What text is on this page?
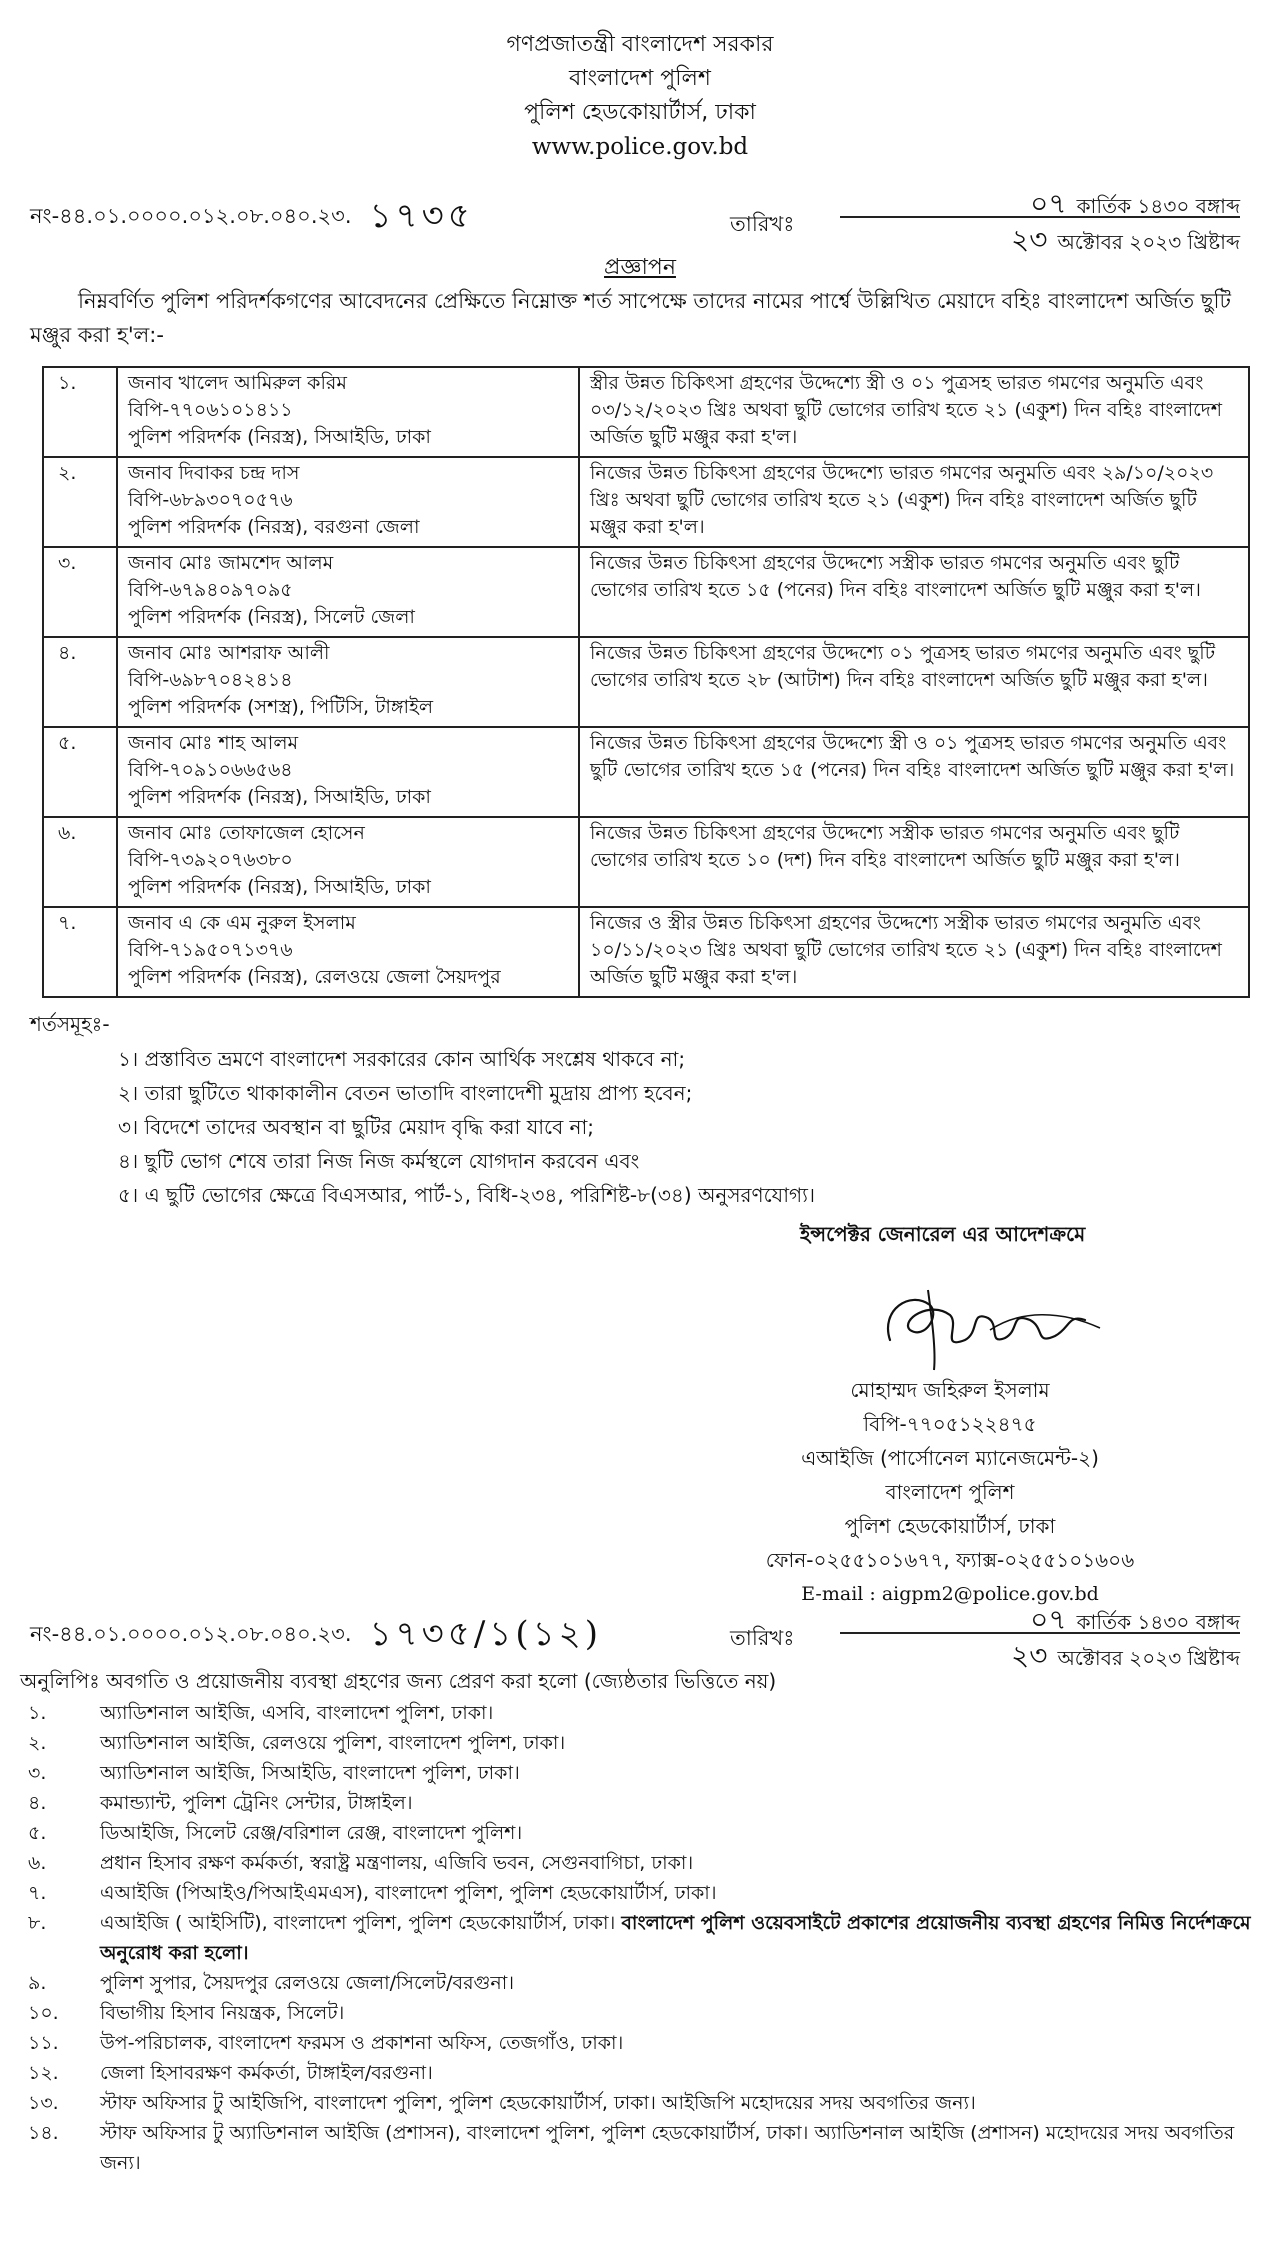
গণপ্রজাতন্ত্রী বাংলাদেশ সরকার
বাংলাদেশ পুলিশ
পুলিশ হেডকোয়ার্টার্স, ঢাকা
www.police.gov.bd
নং-৪৪.০১.০০০০.০১২.০৮.০৪০.২৩. ১৭৩৫	তারিখঃ
০৭ কার্তিক ১৪৩০ বঙ্গাব্দ
২৩ অক্টোবর ২০২৩ খ্রিষ্টাব্দ
প্রজ্ঞাপন
নিম্নবর্ণিত পুলিশ পরিদর্শকগণের আবেদনের প্রেক্ষিতে নিম্নোক্ত শর্ত সাপেক্ষে তাদের নামের পার্শ্বে উল্লিখিত মেয়াদে বহিঃ বাংলাদেশ অর্জিত ছুটি মঞ্জুর করা হ'ল:-
১.	জনাব খালেদ আমিরুল করিম
বিপি-৭৭০৬১০১৪১১
পুলিশ পরিদর্শক (নিরস্ত্র), সিআইডি, ঢাকা	স্ত্রীর উন্নত চিকিৎসা গ্রহণের উদ্দেশ্যে স্ত্রী ও ০১ পুত্রসহ ভারত গমণের অনুমতি এবং ০৩/১২/২০২৩ খ্রিঃ অথবা ছুটি ভোগের তারিখ হতে ২১ (একুশ) দিন বহিঃ বাংলাদেশ অর্জিত ছুটি মঞ্জুর করা হ'ল।
২.	জনাব দিবাকর চন্দ্র দাস
বিপি-৬৮৯৩০৭০৫৭৬
পুলিশ পরিদর্শক (নিরস্ত্র), বরগুনা জেলা	নিজের উন্নত চিকিৎসা গ্রহণের উদ্দেশ্যে ভারত গমণের অনুমতি এবং ২৯/১০/২০২৩ খ্রিঃ অথবা ছুটি ভোগের তারিখ হতে ২১ (একুশ) দিন বহিঃ বাংলাদেশ অর্জিত ছুটি মঞ্জুর করা হ'ল।
৩.	জনাব মোঃ জামশেদ আলম
বিপি-৬৭৯৪০৯৭০৯৫
পুলিশ পরিদর্শক (নিরস্ত্র), সিলেট জেলা	নিজের উন্নত চিকিৎসা গ্রহণের উদ্দেশ্যে সস্ত্রীক ভারত গমণের অনুমতি এবং ছুটি ভোগের তারিখ হতে ১৫ (পনের) দিন বহিঃ বাংলাদেশ অর্জিত ছুটি মঞ্জুর করা হ'ল।
৪.	জনাব মোঃ আশরাফ আলী
বিপি-৬৯৮৭০৪২৪১৪
পুলিশ পরিদর্শক (সশস্ত্র), পিটিসি, টাঙ্গাইল	নিজের উন্নত চিকিৎসা গ্রহণের উদ্দেশ্যে ০১ পুত্রসহ ভারত গমণের অনুমতি এবং ছুটি ভোগের তারিখ হতে ২৮ (আটাশ) দিন বহিঃ বাংলাদেশ অর্জিত ছুটি মঞ্জুর করা হ'ল।
৫.	জনাব মোঃ শাহ আলম
বিপি-৭০৯১০৬৬৫৬৪
পুলিশ পরিদর্শক (নিরস্ত্র), সিআইডি, ঢাকা	নিজের উন্নত চিকিৎসা গ্রহণের উদ্দেশ্যে স্ত্রী ও ০১ পুত্রসহ ভারত গমণের অনুমতি এবং ছুটি ভোগের তারিখ হতে ১৫ (পনের) দিন বহিঃ বাংলাদেশ অর্জিত ছুটি মঞ্জুর করা হ'ল।
৬.	জনাব মোঃ তোফাজেল হোসেন
বিপি-৭৩৯২০৭৬৩৮০
পুলিশ পরিদর্শক (নিরস্ত্র), সিআইডি, ঢাকা	নিজের উন্নত চিকিৎসা গ্রহণের উদ্দেশ্যে সস্ত্রীক ভারত গমণের অনুমতি এবং ছুটি ভোগের তারিখ হতে ১০ (দশ) দিন বহিঃ বাংলাদেশ অর্জিত ছুটি মঞ্জুর করা হ'ল।
৭.	জনাব এ কে এম নুরুল ইসলাম
বিপি-৭১৯৫০৭১৩৭৬
পুলিশ পরিদর্শক (নিরস্ত্র), রেলওয়ে জেলা সৈয়দপুর	নিজের ও স্ত্রীর উন্নত চিকিৎসা গ্রহণের উদ্দেশ্যে সস্ত্রীক ভারত গমণের অনুমতি এবং ১০/১১/২০২৩ খ্রিঃ অথবা ছুটি ভোগের তারিখ হতে ২১ (একুশ) দিন বহিঃ বাংলাদেশ অর্জিত ছুটি মঞ্জুর করা হ'ল।
শর্তসমূহঃ-
১। প্রস্তাবিত ভ্রমণে বাংলাদেশ সরকারের কোন আর্থিক সংশ্লেষ থাকবে না;
২। তারা ছুটিতে থাকাকালীন বেতন ভাতাদি বাংলাদেশী মুদ্রায় প্রাপ্য হবেন;
৩। বিদেশে তাদের অবস্থান বা ছুটির মেয়াদ বৃদ্ধি করা যাবে না;
৪। ছুটি ভোগ শেষে তারা নিজ নিজ কর্মস্থলে যোগদান করবেন এবং
৫। এ ছুটি ভোগের ক্ষেত্রে বিএসআর, পার্ট-১, বিধি-২৩৪, পরিশিষ্ট-৮(৩৪) অনুসরণযোগ্য।
ইন্সপেক্টর জেনারেল এর আদেশক্রমে
মোহাম্মদ জহিরুল ইসলাম
বিপি-৭৭০৫১২২৪৭৫
এআইজি (পার্সোনেল ম্যানেজমেন্ট-২)
বাংলাদেশ পুলিশ
পুলিশ হেডকোয়ার্টার্স, ঢাকা
ফোন-০২৫৫১০১৬৭৭, ফ্যাক্স-০২৫৫১০১৬০৬
E-mail : aigpm2@police.gov.bd
নং-৪৪.০১.০০০০.০১২.০৮.০৪০.২৩. ১৭৩৫/১(১২)	তারিখঃ
০৭ কার্তিক ১৪৩০ বঙ্গাব্দ
২৩ অক্টোবর ২০২৩ খ্রিষ্টাব্দ
অনুলিপিঃ অবগতি ও প্রয়োজনীয় ব্যবস্থা গ্রহণের জন্য প্রেরণ করা হলো (জ্যেষ্ঠতার ভিত্তিতে নয়)
১.	অ্যাডিশনাল আইজি, এসবি, বাংলাদেশ পুলিশ, ঢাকা।
২.	অ্যাডিশনাল আইজি, রেলওয়ে পুলিশ, বাংলাদেশ পুলিশ, ঢাকা।
৩.	অ্যাডিশনাল আইজি, সিআইডি, বাংলাদেশ পুলিশ, ঢাকা।
৪.	কমান্ড্যান্ট, পুলিশ ট্রেনিং সেন্টার, টাঙ্গাইল।
৫.	ডিআইজি, সিলেট রেঞ্জ/বরিশাল রেঞ্জ, বাংলাদেশ পুলিশ।
৬.	প্রধান হিসাব রক্ষণ কর্মকর্তা, স্বরাষ্ট্র মন্ত্রণালয়, এজিবি ভবন, সেগুনবাগিচা, ঢাকা।
৭.	এআইজি (পিআইও/পিআইএমএস), বাংলাদেশ পুলিশ, পুলিশ হেডকোয়ার্টার্স, ঢাকা।
৮.	এআইজি ( আইসিটি), বাংলাদেশ পুলিশ, পুলিশ হেডকোয়ার্টার্স, ঢাকা। বাংলাদেশ পুলিশ ওয়েবসাইটে প্রকাশের প্রয়োজনীয় ব্যবস্থা গ্রহণের নিমিত্ত নির্দেশক্রমে অনুরোধ করা হলো।
৯.	পুলিশ সুপার, সৈয়দপুর রেলওয়ে জেলা/সিলেট/বরগুনা।
১০. বিভাগীয় হিসাব নিয়ন্ত্রক, সিলেট।
১১. উপ-পরিচালক, বাংলাদেশ ফরমস ও প্রকাশনা অফিস, তেজগাঁও, ঢাকা।
১২. জেলা হিসাবরক্ষণ কর্মকর্তা, টাঙ্গাইল/বরগুনা।
১৩. স্টাফ অফিসার টু আইজিপি, বাংলাদেশ পুলিশ, পুলিশ হেডকোয়ার্টার্স, ঢাকা। আইজিপি মহোদয়ের সদয় অবগতির জন্য।
১৪. স্টাফ অফিসার টু অ্যাডিশনাল আইজি (প্রশাসন), বাংলাদেশ পুলিশ, পুলিশ হেডকোয়ার্টার্স, ঢাকা। অ্যাডিশনাল আইজি (প্রশাসন) মহোদয়ের সদয় অবগতির জন্য।
